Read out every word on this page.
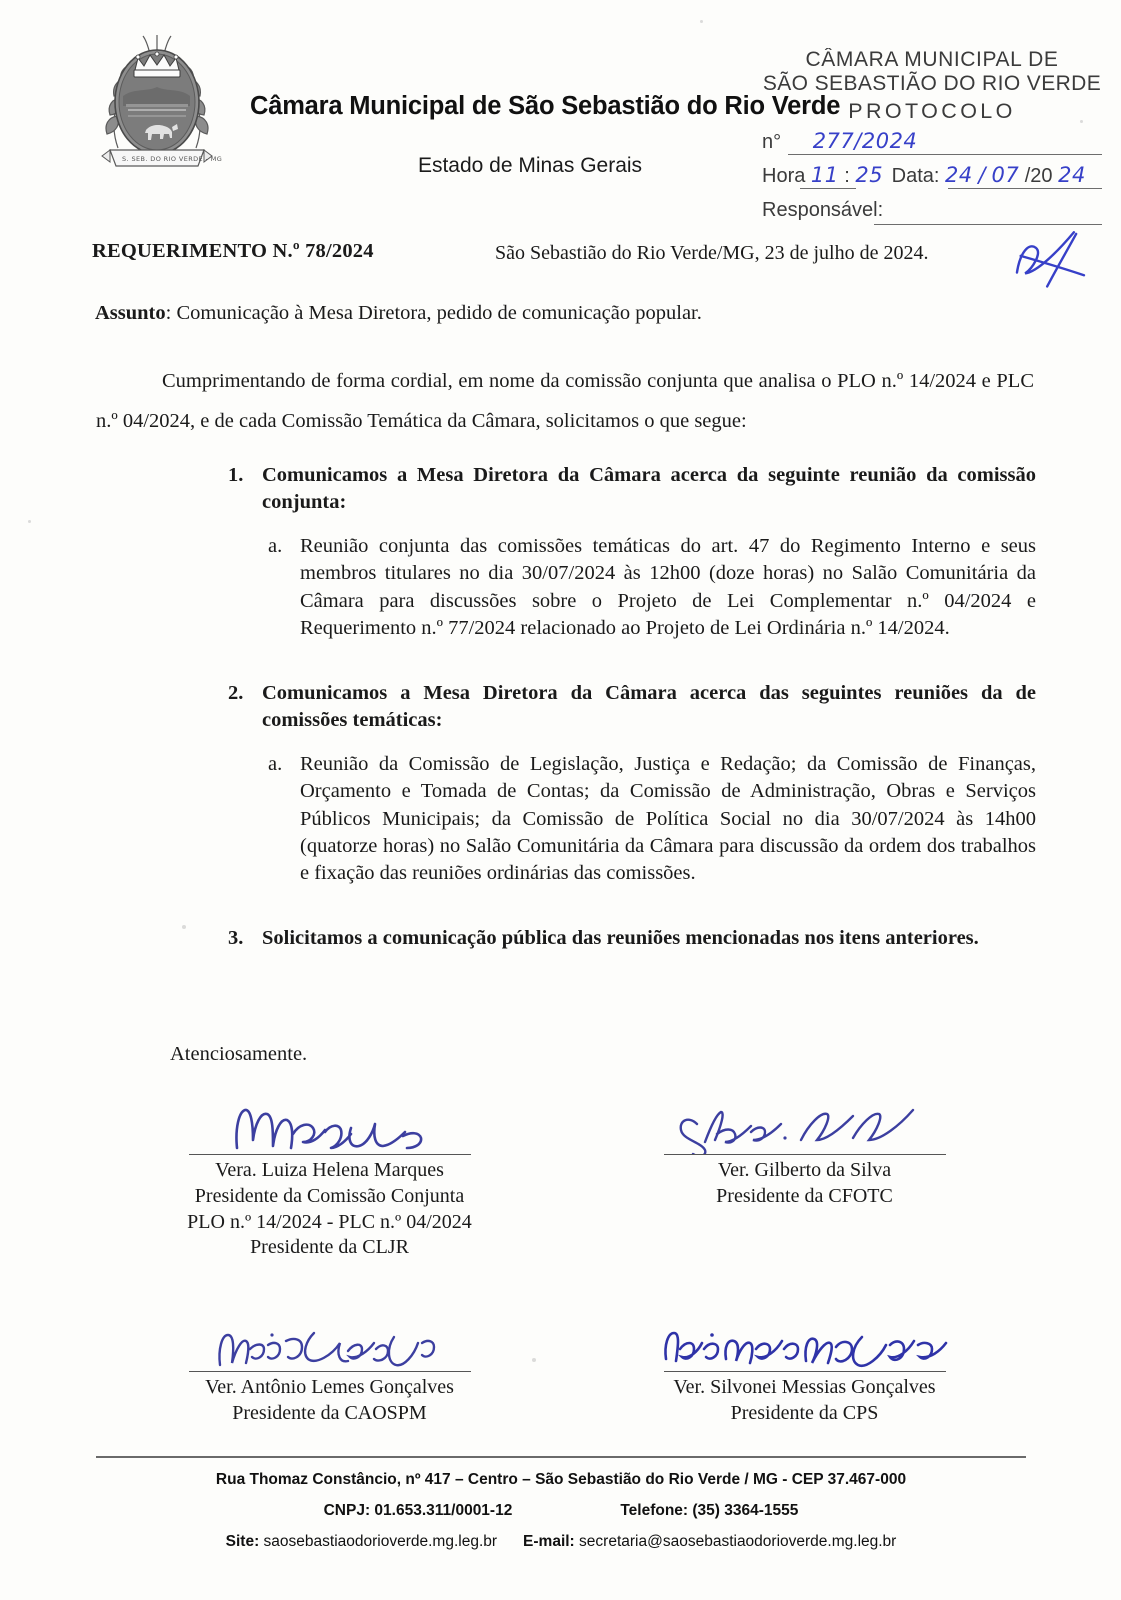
S. SEB. DO RIO VERDE - MG
Câmara Municipal de São Sebastião do Rio Verde
Estado de Minas Gerais
CÂMARA MUNICIPAL DE
SÃO SEBASTIÃO DO RIO VERDE
PROTOCOLO
n° 277/2024
Hora 11 : 25 Data: 24 / 07 /20 24
Responsável:
REQUERIMENTO N.º 78/2024	São Sebastião do Rio Verde/MG, 23 de julho de 2024.
Assunto: Comunicação à Mesa Diretora, pedido de comunicação popular.
Cumprimentando de forma cordial, em nome da comissão conjunta que analisa o PLO n.º 14/2024 e PLC n.º 04/2024, e de cada Comissão Temática da Câmara, solicitamos o que segue:
1. Comunicamos a Mesa Diretora da Câmara acerca da seguinte reunião da comissão conjunta:
a. Reunião conjunta das comissões temáticas do art. 47 do Regimento Interno e seus membros titulares no dia 30/07/2024 às 12h00 (doze horas) no Salão Comunitária da Câmara para discussões sobre o Projeto de Lei Complementar n.º 04/2024 e Requerimento n.º 77/2024 relacionado ao Projeto de Lei Ordinária n.º 14/2024.
2. Comunicamos a Mesa Diretora da Câmara acerca das seguintes reuniões da de comissões temáticas:
a. Reunião da Comissão de Legislação, Justiça e Redação; da Comissão de Finanças, Orçamento e Tomada de Contas; da Comissão de Administração, Obras e Serviços Públicos Municipais; da Comissão de Política Social no dia 30/07/2024 às 14h00 (quatorze horas) no Salão Comunitária da Câmara para discussão da ordem dos trabalhos e fixação das reuniões ordinárias das comissões.
3. Solicitamos a comunicação pública das reuniões mencionadas nos itens anteriores.
Atenciosamente.
Vera. Luiza Helena Marques
Presidente da Comissão Conjunta
PLO n.º 14/2024 - PLC n.º 04/2024
Presidente da CLJR
Ver. Gilberto da Silva
Presidente da CFOTC
Ver. Antônio Lemes Gonçalves
Presidente da CAOSPM
Ver. Silvonei Messias Gonçalves
Presidente da CPS
Rua Thomaz Constâncio, nº 417 – Centro – São Sebastião do Rio Verde / MG - CEP 37.467-000
CNPJ: 01.653.311/0001-12	Telefone: (35) 3364-1555
Site: saosebastiaodorioverde.mg.leg.br E-mail: secretaria@saosebastiaodorioverde.mg.leg.br
